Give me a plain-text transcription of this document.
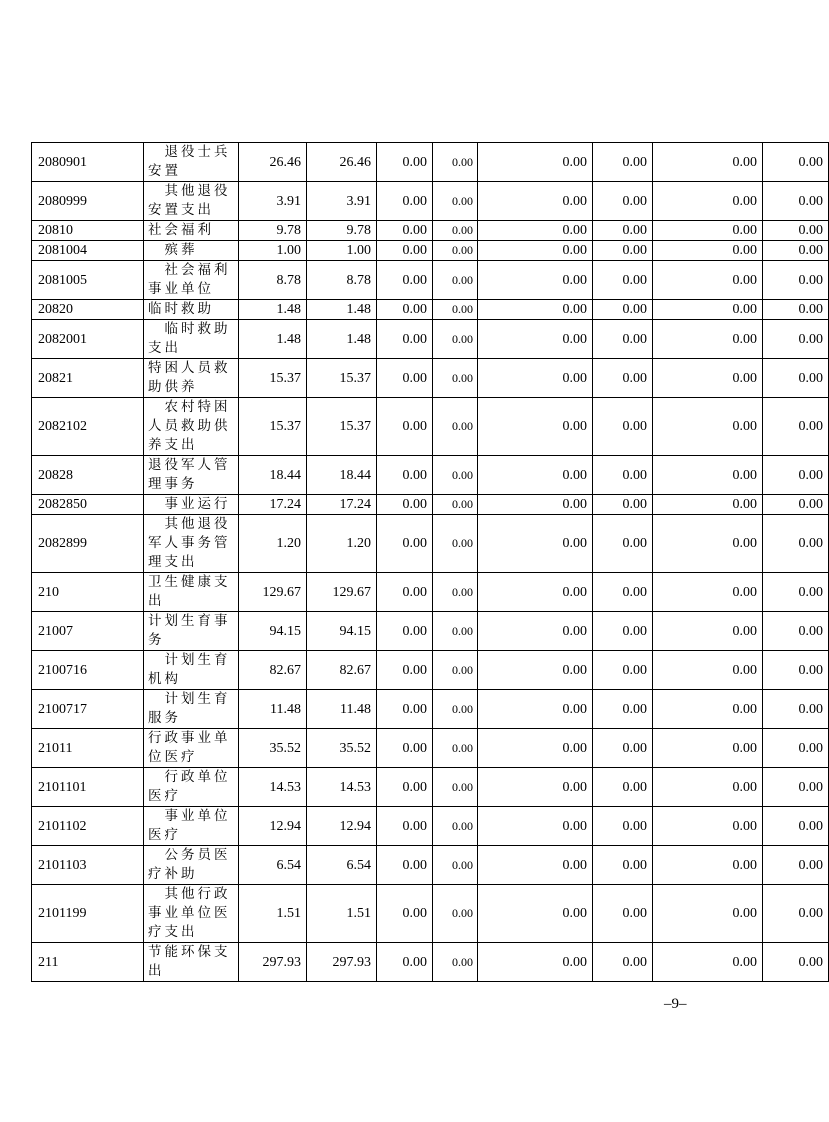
2080901	　退役士兵安置	26.46	26.46	0.00	0.00	0.00	0.00	0.00	0.00
2080999	　其他退役安置支出	3.91	3.91	0.00	0.00	0.00	0.00	0.00	0.00
20810	社会福利	9.78	9.78	0.00	0.00	0.00	0.00	0.00	0.00
2081004	　殡葬	1.00	1.00	0.00	0.00	0.00	0.00	0.00	0.00
2081005	　社会福利事业单位	8.78	8.78	0.00	0.00	0.00	0.00	0.00	0.00
20820	临时救助	1.48	1.48	0.00	0.00	0.00	0.00	0.00	0.00
2082001	　临时救助支出	1.48	1.48	0.00	0.00	0.00	0.00	0.00	0.00
20821	特困人员救助供养	15.37	15.37	0.00	0.00	0.00	0.00	0.00	0.00
2082102	　农村特困人员救助供养支出	15.37	15.37	0.00	0.00	0.00	0.00	0.00	0.00
20828	退役军人管理事务	18.44	18.44	0.00	0.00	0.00	0.00	0.00	0.00
2082850	　事业运行	17.24	17.24	0.00	0.00	0.00	0.00	0.00	0.00
2082899	　其他退役军人事务管理支出	1.20	1.20	0.00	0.00	0.00	0.00	0.00	0.00
210	卫生健康支出	129.67	129.67	0.00	0.00	0.00	0.00	0.00	0.00
21007	计划生育事务	94.15	94.15	0.00	0.00	0.00	0.00	0.00	0.00
2100716	　计划生育机构	82.67	82.67	0.00	0.00	0.00	0.00	0.00	0.00
2100717	　计划生育服务	11.48	11.48	0.00	0.00	0.00	0.00	0.00	0.00
21011	行政事业单位医疗	35.52	35.52	0.00	0.00	0.00	0.00	0.00	0.00
2101101	　行政单位医疗	14.53	14.53	0.00	0.00	0.00	0.00	0.00	0.00
2101102	　事业单位医疗	12.94	12.94	0.00	0.00	0.00	0.00	0.00	0.00
2101103	　公务员医疗补助	6.54	6.54	0.00	0.00	0.00	0.00	0.00	0.00
2101199	　其他行政事业单位医疗支出	1.51	1.51	0.00	0.00	0.00	0.00	0.00	0.00
211	节能环保支出	297.93	297.93	0.00	0.00	0.00	0.00	0.00	0.00
–9–
